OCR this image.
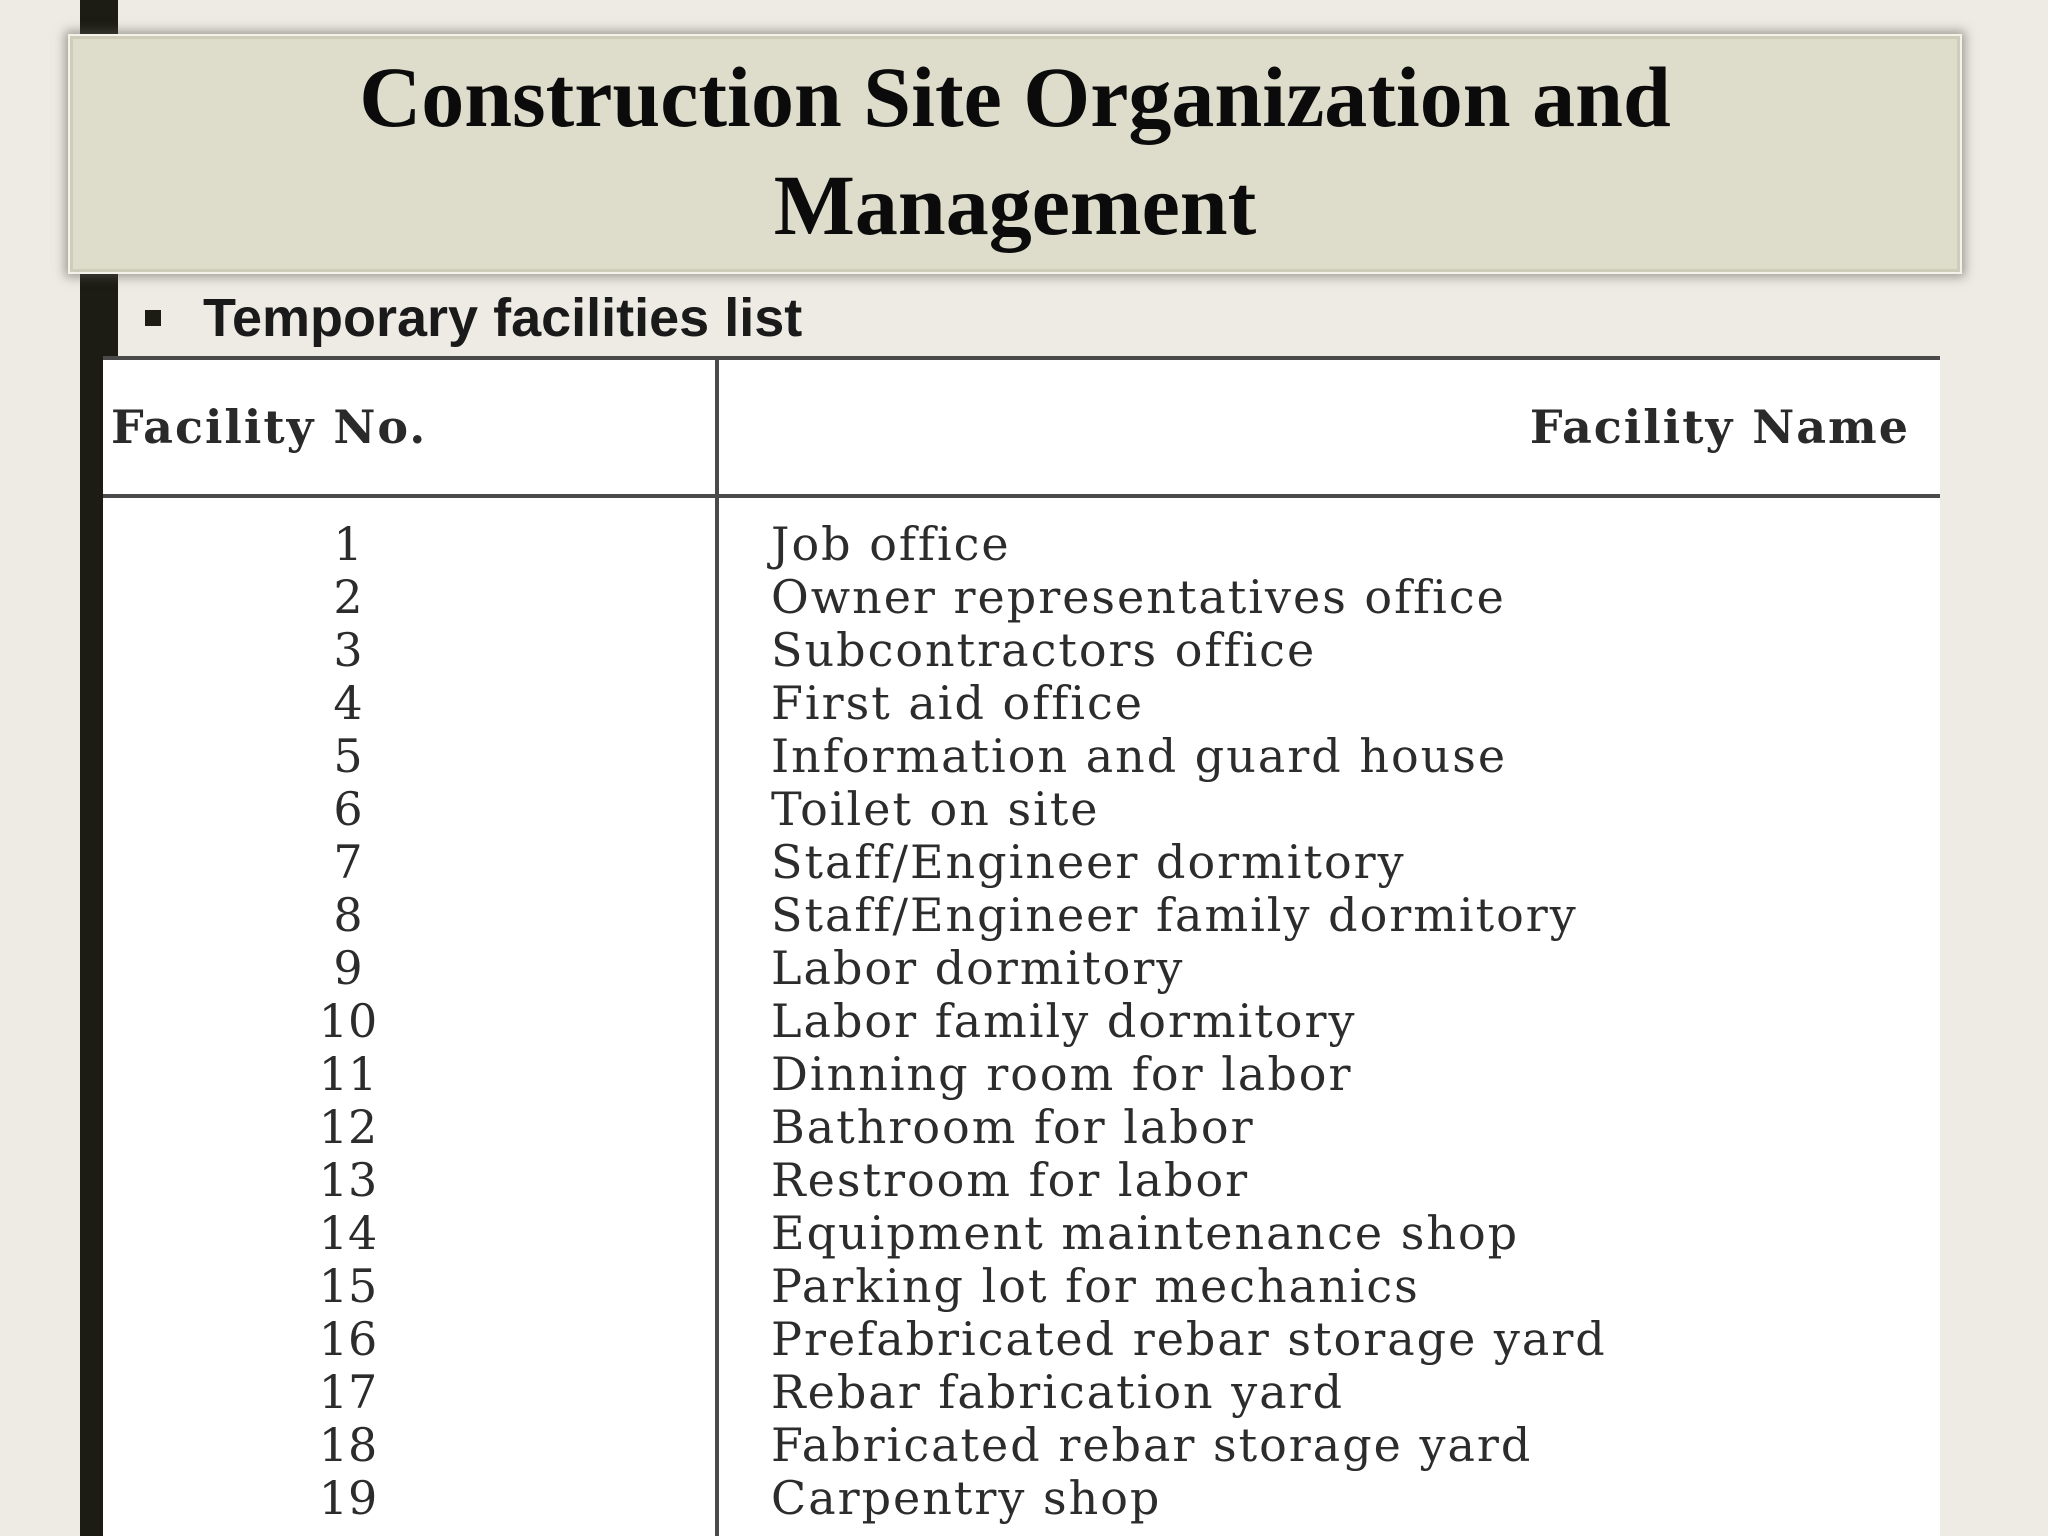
Construction Site Organization and Management
Temporary facilities list
Facility No.	Facility Name
1	Job office
2	Owner representatives office
3	Subcontractors office
4	First aid office
5	Information and guard house
6	Toilet on site
7	Staff/Engineer dormitory
8	Staff/Engineer family dormitory
9	Labor dormitory
10	Labor family dormitory
11	Dinning room for labor
12	Bathroom for labor
13	Restroom for labor
14	Equipment maintenance shop
15	Parking lot for mechanics
16	Prefabricated rebar storage yard
17	Rebar fabrication yard
18	Fabricated rebar storage yard
19	Carpentry shop
